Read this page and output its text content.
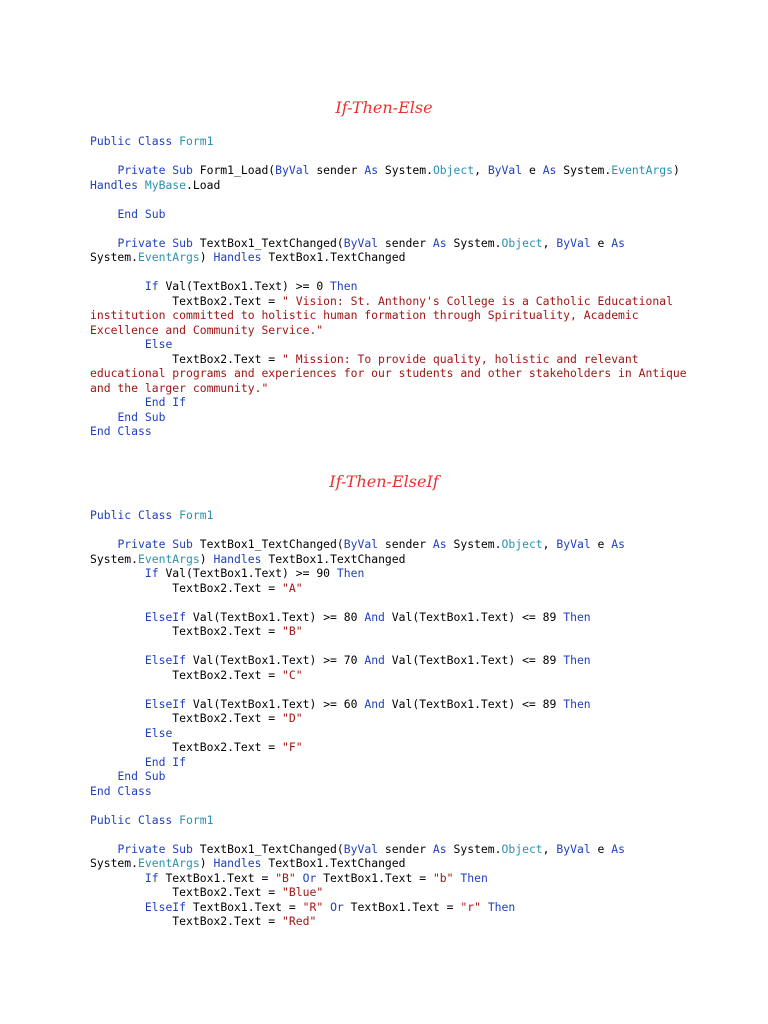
If-Then-Else
Public Class Form1
Private Sub Form1_Load(ByVal sender As System.Object, ByVal e As System.EventArgs)
Handles MyBase.Load
End Sub
Private Sub TextBox1_TextChanged(ByVal sender As System.Object, ByVal e As
System.EventArgs) Handles TextBox1.TextChanged
If Val(TextBox1.Text) >= 0 Then
TextBox2.Text = " Vision: St. Anthony's College is a Catholic Educational
institution committed to holistic human formation through Spirituality, Academic
Excellence and Community Service."
Else
TextBox2.Text = " Mission: To provide quality, holistic and relevant
educational programs and experiences for our students and other stakeholders in Antique
and the larger community."
End If
End Sub
End Class
If-Then-ElseIf
Public Class Form1
Private Sub TextBox1_TextChanged(ByVal sender As System.Object, ByVal e As
System.EventArgs) Handles TextBox1.TextChanged
If Val(TextBox1.Text) >= 90 Then
TextBox2.Text = "A"
ElseIf Val(TextBox1.Text) >= 80 And Val(TextBox1.Text) <= 89 Then
TextBox2.Text = "B"
ElseIf Val(TextBox1.Text) >= 70 And Val(TextBox1.Text) <= 89 Then
TextBox2.Text = "C"
ElseIf Val(TextBox1.Text) >= 60 And Val(TextBox1.Text) <= 89 Then
TextBox2.Text = "D"
Else
TextBox2.Text = "F"
End If
End Sub
End Class
Public Class Form1
Private Sub TextBox1_TextChanged(ByVal sender As System.Object, ByVal e As
System.EventArgs) Handles TextBox1.TextChanged
If TextBox1.Text = "B" Or TextBox1.Text = "b" Then
TextBox2.Text = "Blue"
ElseIf TextBox1.Text = "R" Or TextBox1.Text = "r" Then
TextBox2.Text = "Red"
